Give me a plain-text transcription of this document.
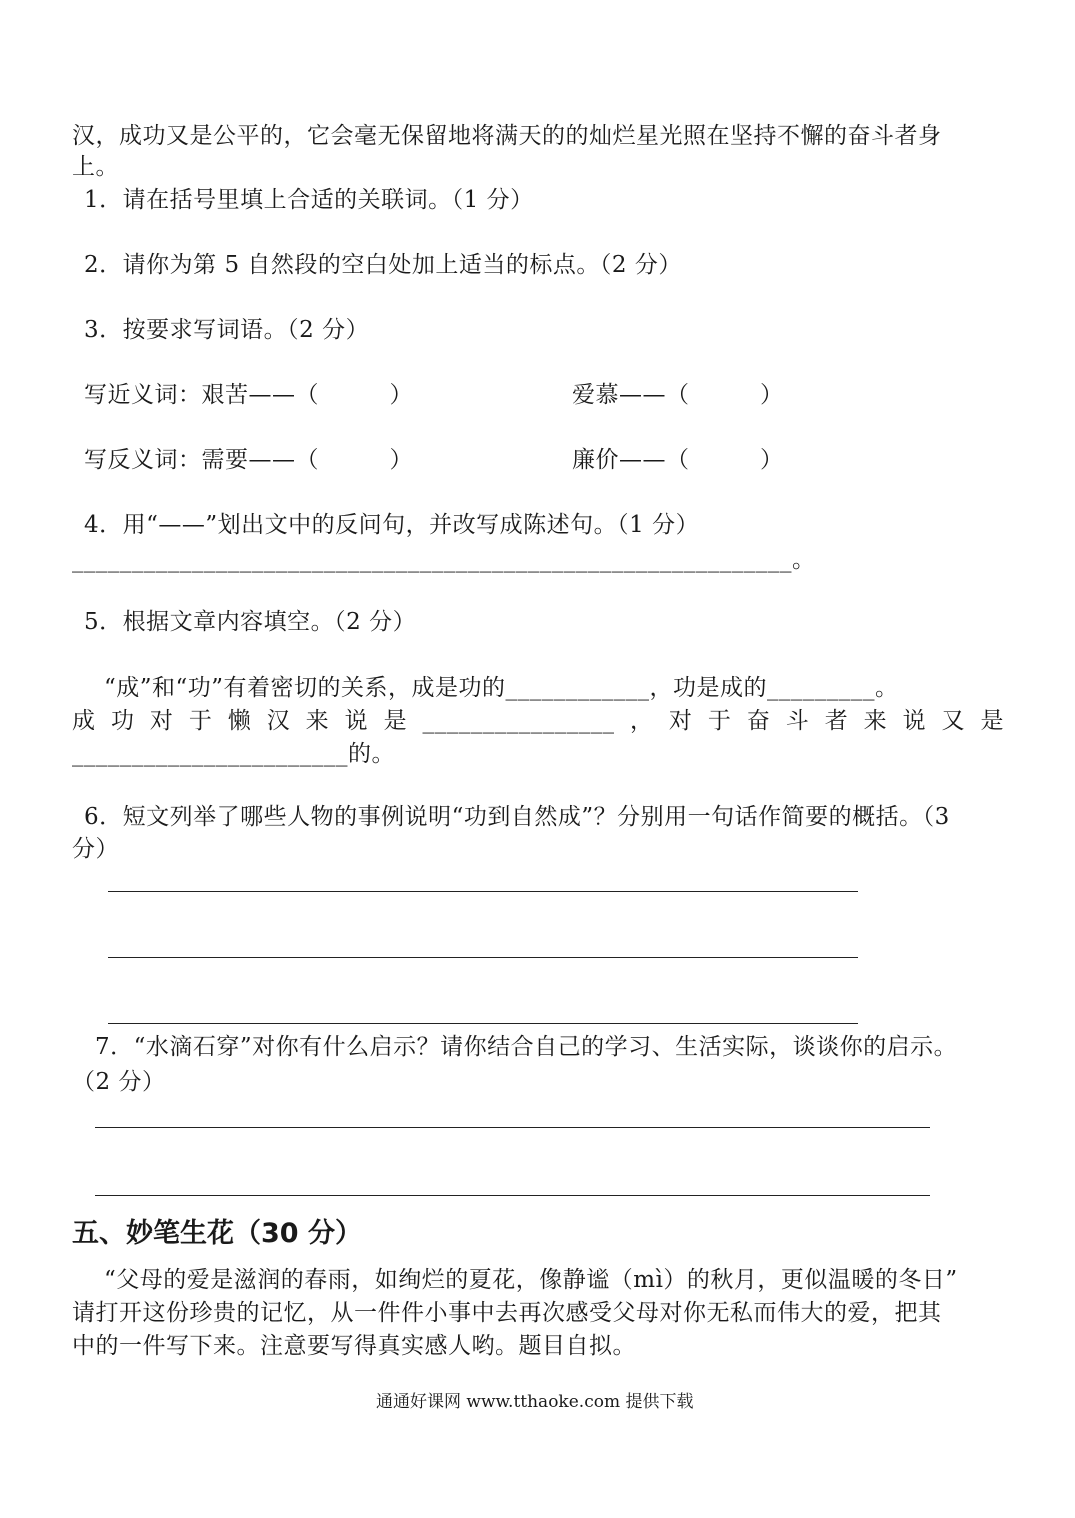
汉，成功又是公平的，它会毫无保留地将满天的的灿烂星光照在坚持不懈的奋斗者身
上。
1．请在括号里填上合适的关联词。（1 分）
2．请你为第 5 自然段的空白处加上适当的标点。（2 分）
3．按要求写词语。（2 分）
写近义词：艰苦——（　　　）	爱慕——（　　　）
写反义词：需要——（　　　）	廉价——（　　　）
4．用“——”划出文中的反问句，并改写成陈述句。（1 分）
____________________________________________________________。
5．根据文章内容填空。（2 分）
“成”和“功”有着密切的关系，成是功的____________，功是成的_________。
成功对于懒汉来说是________________，对于奋斗者来说又是
_______________________的。
6．短文列举了哪些人物的事例说明“功到自然成”？分别用一句话作简要的概括。（3
分）
7．“水滴石穿”对你有什么启示？请你结合自己的学习、生活实际，谈谈你的启示。
（2 分）
五、妙笔生花（30 分）
“父母的爱是滋润的春雨，如绚烂的夏花，像静谧（mì）的秋月，更似温暖的冬日”
请打开这份珍贵的记忆，从一件件小事中去再次感受父母对你无私而伟大的爱，把其
中的一件写下来。注意要写得真实感人哟。题目自拟。
通通好课网 www.tthaoke.com 提供下载
